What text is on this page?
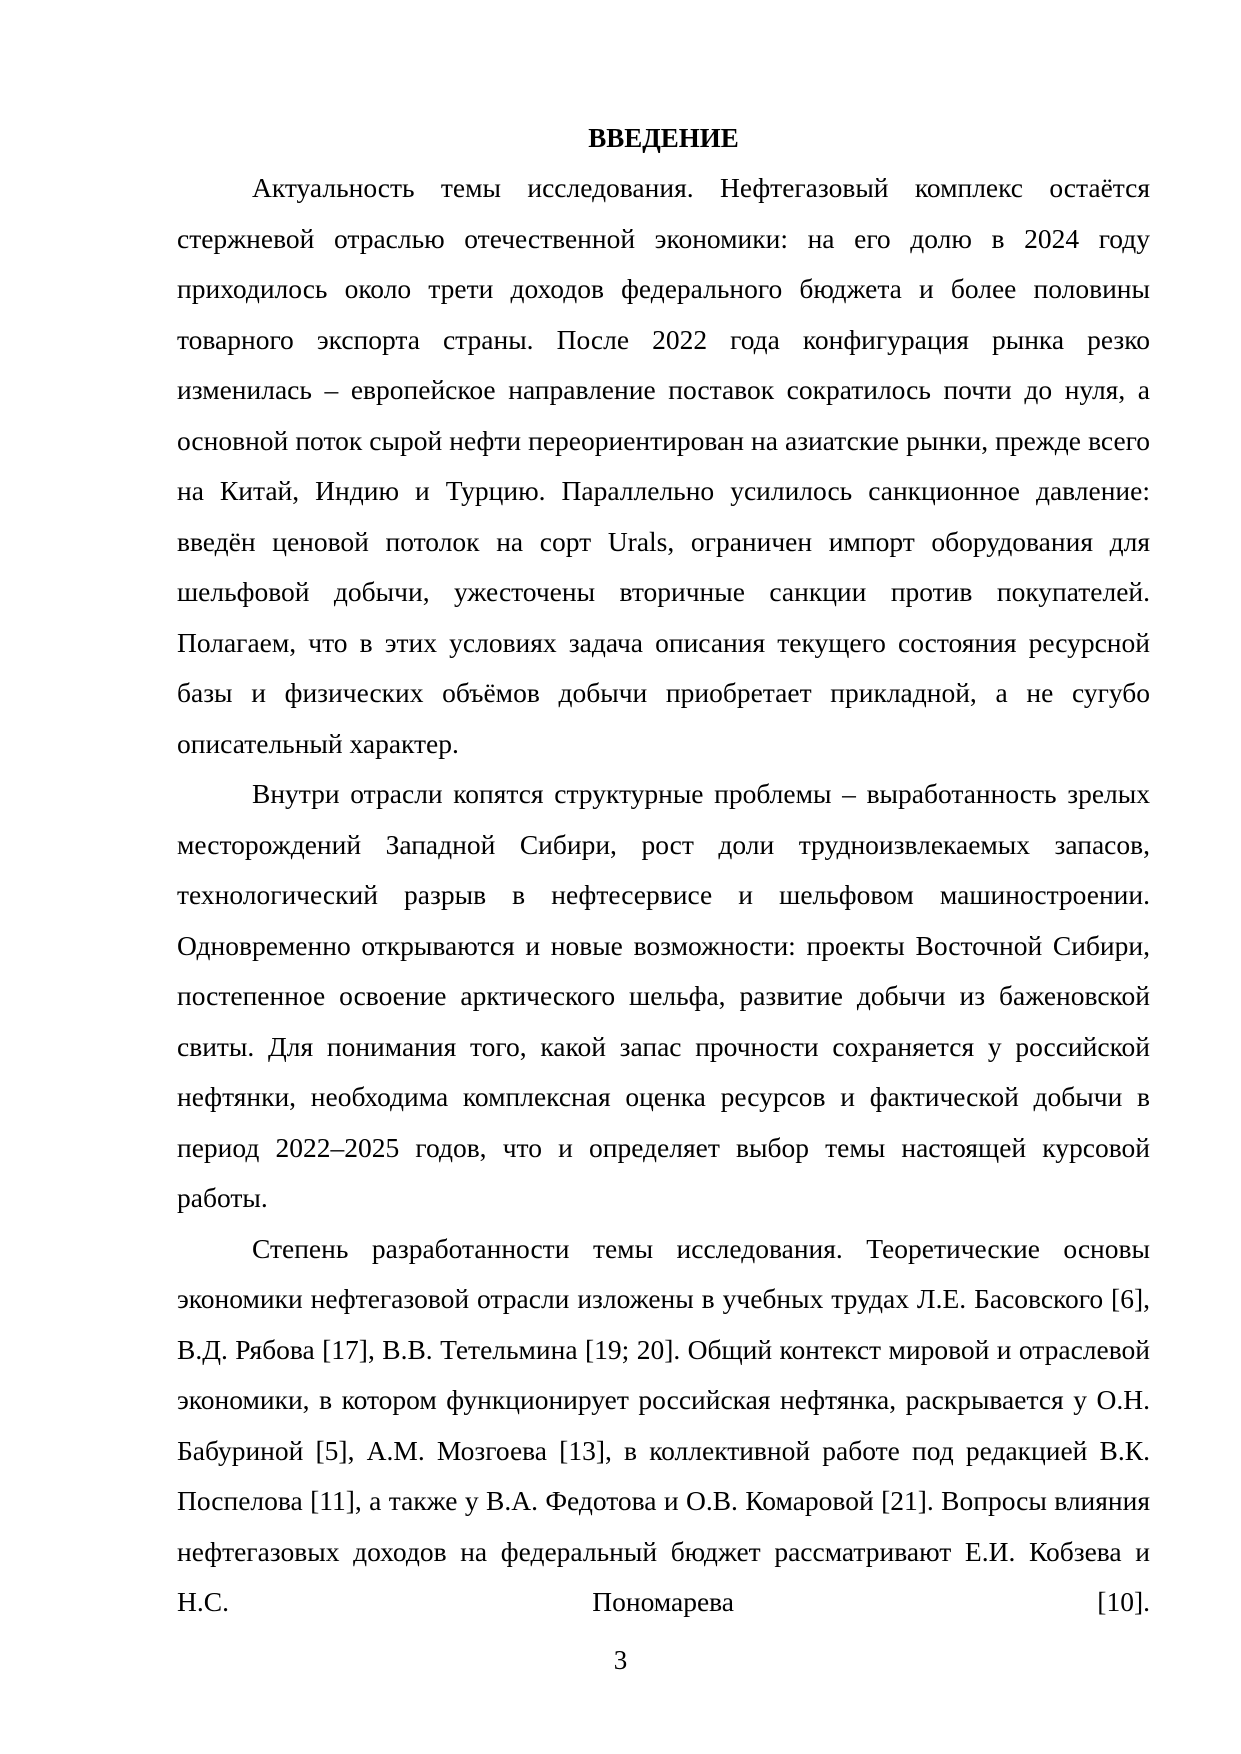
ВВЕДЕНИЕ

Актуальность темы исследования. Нефтегазовый комплекс остаётся стержневой отраслью отечественной экономики: на его долю в 2024 году приходилось около трети доходов федерального бюджета и более половины товарного экспорта страны. После 2022 года конфигурация рынка резко изменилась – европейское направление поставок сократилось почти до нуля, а основной поток сырой нефти переориентирован на азиатские рынки, прежде всего на Китай, Индию и Турцию. Параллельно усилилось санкционное давление: введён ценовой потолок на сорт Urals, ограничен импорт оборудования для шельфовой добычи, ужесточены вторичные санкции против покупателей. Полагаем, что в этих условиях задача описания текущего состояния ресурсной базы и физических объёмов добычи приобретает прикладной, а не сугубо описательный характер.

Внутри отрасли копятся структурные проблемы – выработанность зрелых месторождений Западной Сибири, рост доли трудноизвлекаемых запасов, технологический разрыв в нефтесервисе и шельфовом машиностроении. Одновременно открываются и новые возможности: проекты Восточной Сибири, постепенное освоение арктического шельфа, развитие добычи из баженовской свиты. Для понимания того, какой запас прочности сохраняется у российской нефтянки, необходима комплексная оценка ресурсов и фактической добычи в период 2022–2025 годов, что и определяет выбор темы настоящей курсовой работы.

Степень разработанности темы исследования. Теоретические основы экономики нефтегазовой отрасли изложены в учебных трудах Л.Е. Басовского [6], В.Д. Рябова [17], В.В. Тетельмина [19; 20]. Общий контекст мировой и отраслевой экономики, в котором функционирует российская нефтянка, раскрывается у О.Н. Бабуриной [5], А.М. Мозгоева [13], в коллективной работе под редакцией В.К. Поспелова [11], а также у В.А. Федотова и О.В. Комаровой [21]. Вопросы влияния нефтегазовых доходов на федеральный бюджет рассматривают Е.И. Кобзева и Н.С. Пономарева [10].

3
